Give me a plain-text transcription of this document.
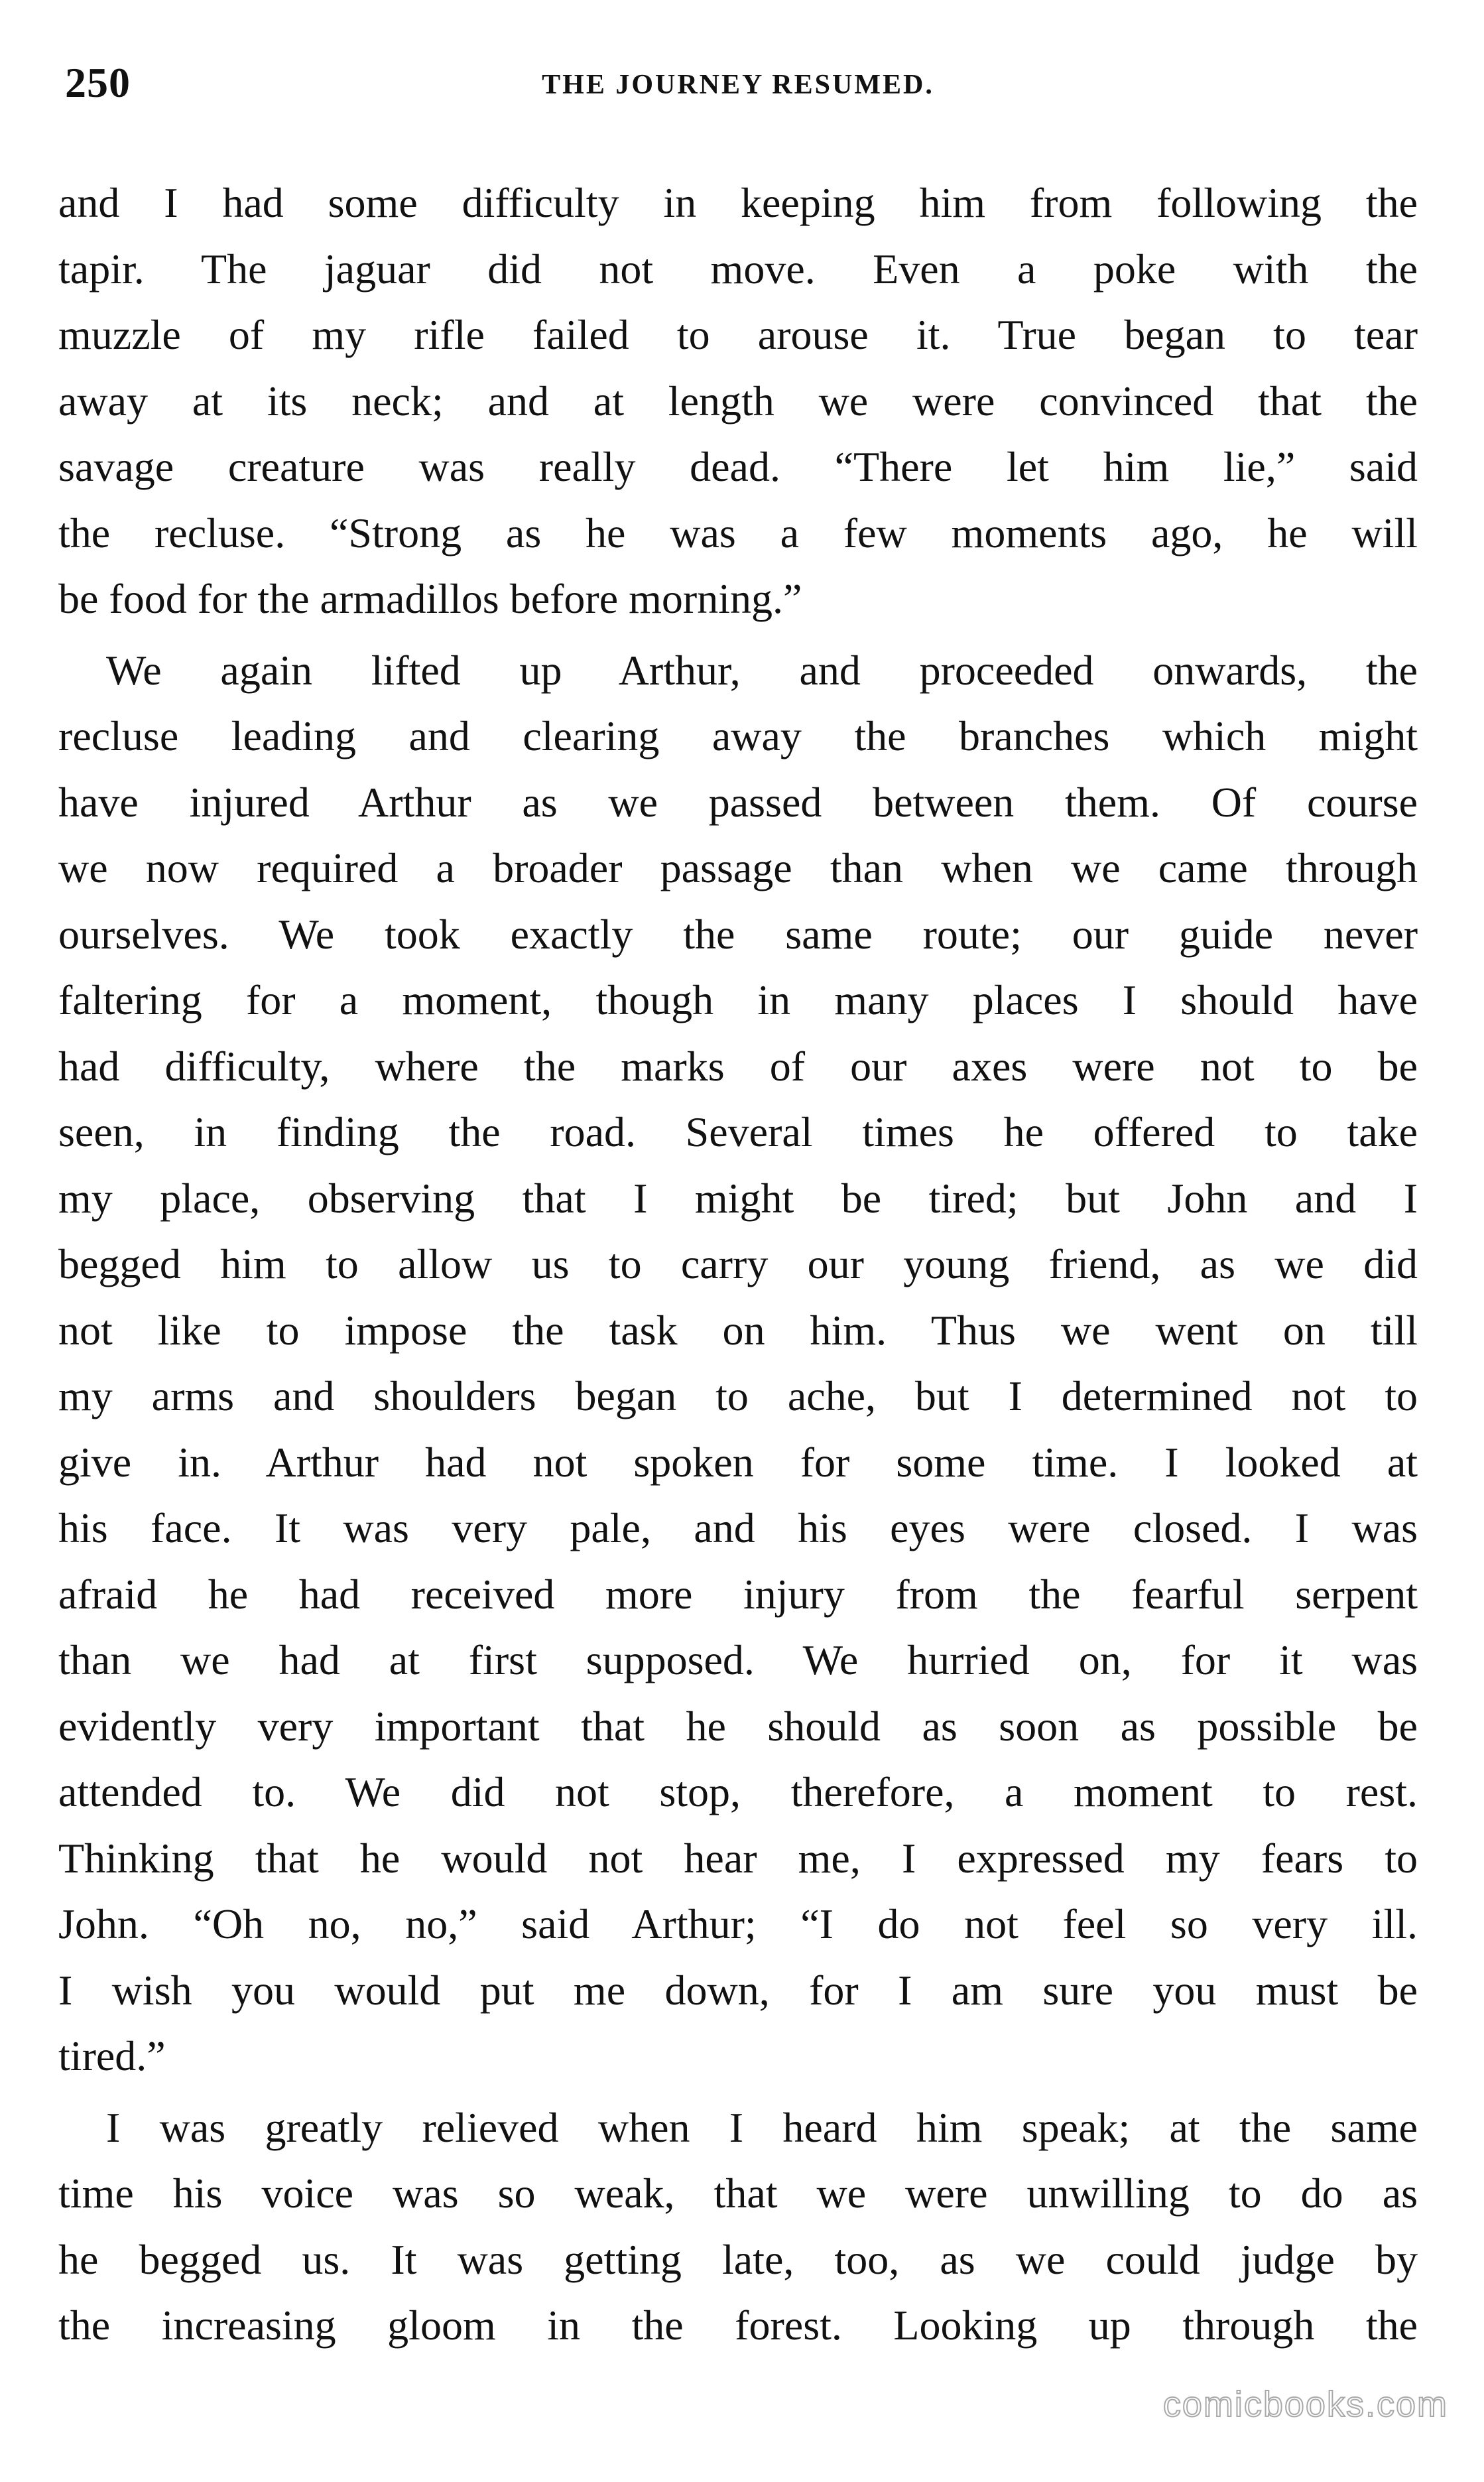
250	THE JOURNEY RESUMED.
and I had some difficulty in keeping him from following the
tapir. The jaguar did not move. Even a poke with the
muzzle of my rifle failed to arouse it. True began to tear
away at its neck; and at length we were convinced that the
savage creature was really dead. “There let him lie,” said
the recluse. “Strong as he was a few moments ago, he will
be food for the armadillos before morning.”
We again lifted up Arthur, and proceeded onwards, the
recluse leading and clearing away the branches which might
have injured Arthur as we passed between them. Of course
we now required a broader passage than when we came through
ourselves. We took exactly the same route; our guide never
faltering for a moment, though in many places I should have
had difficulty, where the marks of our axes were not to be
seen, in finding the road. Several times he offered to take
my place, observing that I might be tired; but John and I
begged him to allow us to carry our young friend, as we did
not like to impose the task on him. Thus we went on till
my arms and shoulders began to ache, but I determined not to
give in. Arthur had not spoken for some time. I looked at
his face. It was very pale, and his eyes were closed. I was
afraid he had received more injury from the fearful serpent
than we had at first supposed. We hurried on, for it was
evidently very important that he should as soon as possible be
attended to. We did not stop, therefore, a moment to rest.
Thinking that he would not hear me, I expressed my fears to
John. “Oh no, no,” said Arthur; “I do not feel so very ill.
I wish you would put me down, for I am sure you must be
tired.”
I was greatly relieved when I heard him speak; at the same
time his voice was so weak, that we were unwilling to do as
he begged us. It was getting late, too, as we could judge by
the increasing gloom in the forest. Looking up through the
comicbooks.com
